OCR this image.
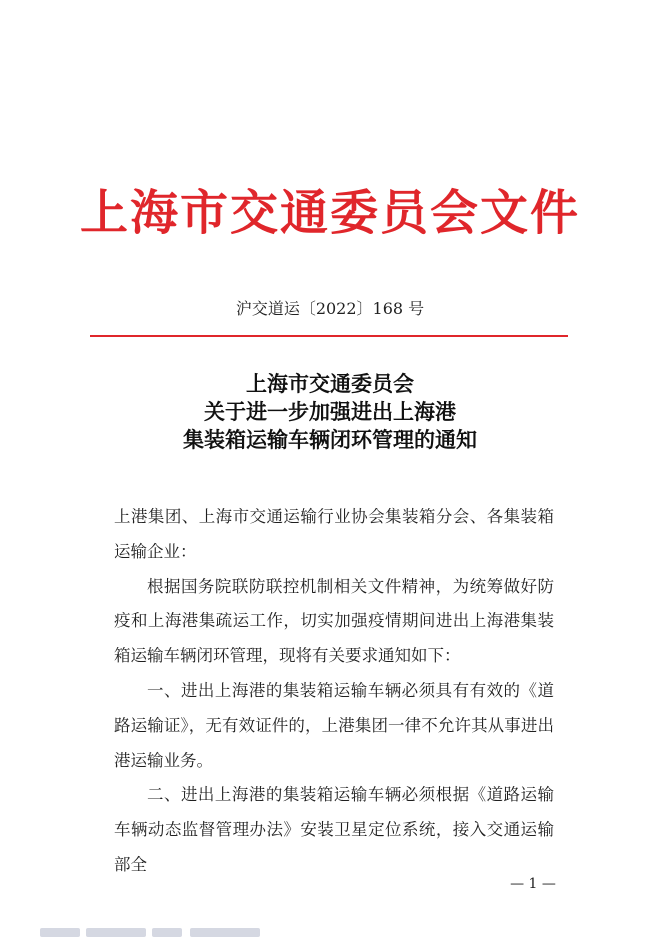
上海市交通委员会文件
沪交道运〔2022〕168 号
上海市交通委员会
关于进一步加强进出上海港
集装箱运输车辆闭环管理的通知

上港集团、上海市交通运输行业协会集装箱分会、各集装箱运输企业：

根据国务院联防联控机制相关文件精神，为统筹做好防疫和上海港集疏运工作，切实加强疫情期间进出上海港集装箱运输车辆闭环管理，现将有关要求通知如下：

一、进出上海港的集装箱运输车辆必须具有有效的《道路运输证》，无有效证件的，上港集团一律不允许其从事进出港运输业务。

二、进出上海港的集装箱运输车辆必须根据《道路运输车辆动态监督管理办法》安装卫星定位系统，接入交通运输部全

— 1 —
